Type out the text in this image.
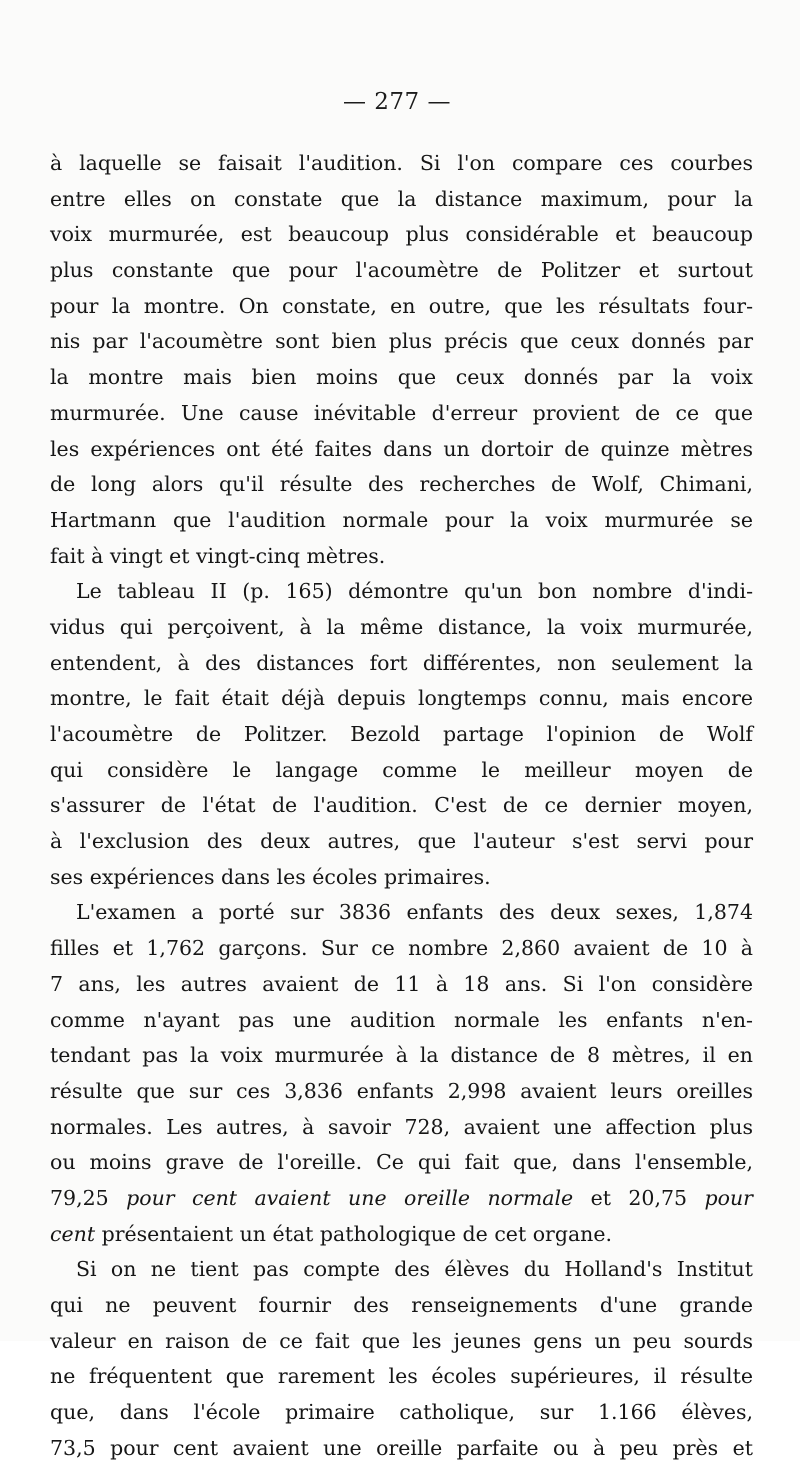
— 277 —
à laquelle se faisait l'audition. Si l'on compare ces courbes
entre elles on constate que la distance maximum, pour la
voix murmurée, est beaucoup plus considérable et beaucoup
plus constante que pour l'acoumètre de Politzer et surtout
pour la montre. On constate, en outre, que les résultats four-
nis par l'acoumètre sont bien plus précis que ceux donnés par
la montre mais bien moins que ceux donnés par la voix
murmurée. Une cause inévitable d'erreur provient de ce que
les expériences ont été faites dans un dortoir de quinze mètres
de long alors qu'il résulte des recherches de Wolf, Chimani,
Hartmann que l'audition normale pour la voix murmurée se
fait à vingt et vingt-cinq mètres.
Le tableau II (p. 165) démontre qu'un bon nombre d'indi-
vidus qui perçoivent, à la même distance, la voix murmurée,
entendent, à des distances fort différentes, non seulement la
montre, le fait était déjà depuis longtemps connu, mais encore
l'acoumètre de Politzer. Bezold partage l'opinion de Wolf
qui considère le langage comme le meilleur moyen de
s'assurer de l'état de l'audition. C'est de ce dernier moyen,
à l'exclusion des deux autres, que l'auteur s'est servi pour
ses expériences dans les écoles primaires.
L'examen a porté sur 3836 enfants des deux sexes, 1,874
filles et 1,762 garçons. Sur ce nombre 2,860 avaient de 10 à
7 ans, les autres avaient de 11 à 18 ans. Si l'on considère
comme n'ayant pas une audition normale les enfants n'en-
tendant pas la voix murmurée à la distance de 8 mètres, il en
résulte que sur ces 3,836 enfants 2,998 avaient leurs oreilles
normales. Les autres, à savoir 728, avaient une affection plus
ou moins grave de l'oreille. Ce qui fait que, dans l'ensemble,
79,25 pour cent avaient une oreille normale et 20,75 pour
cent présentaient un état pathologique de cet organe.
Si on ne tient pas compte des élèves du Holland's Institut
qui ne peuvent fournir des renseignements d'une grande
valeur en raison de ce fait que les jeunes gens un peu sourds
ne fréquentent que rarement les écoles supérieures, il résulte
que, dans l'école primaire catholique, sur 1.166 élèves,
73,5 pour cent avaient une oreille parfaite ou à peu près et
